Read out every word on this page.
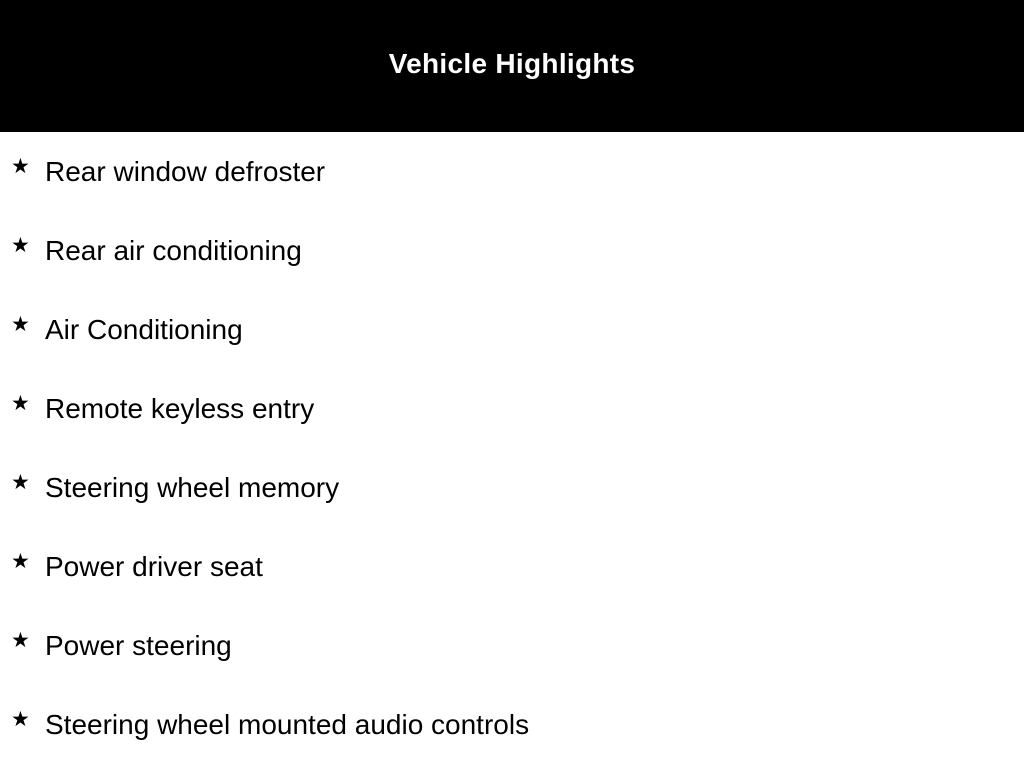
Vehicle Highlights
★ Rear window defroster
★ Rear air conditioning
★ Air Conditioning
★ Remote keyless entry
★ Steering wheel memory
★ Power driver seat
★ Power steering
★ Steering wheel mounted audio controls
